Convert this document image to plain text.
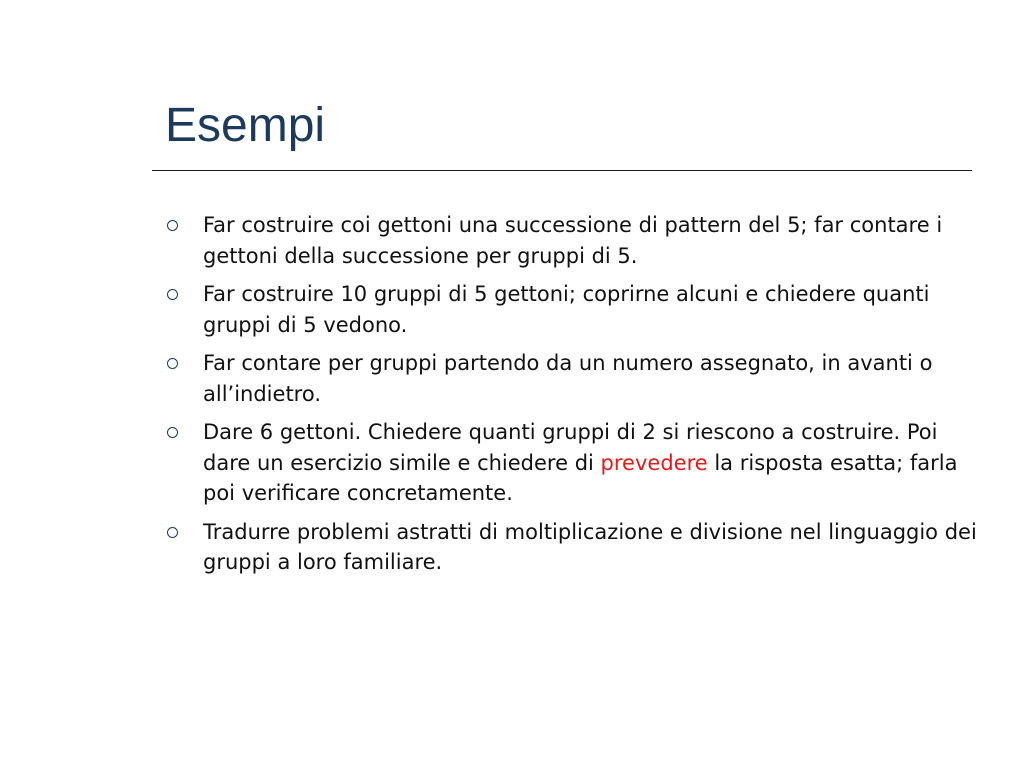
Esempi
Far costruire coi gettoni una successione di pattern del 5; far contare i gettoni della successione per gruppi di 5.
Far costruire 10 gruppi di 5 gettoni; coprirne alcuni e chiedere quanti gruppi di 5 vedono.
Far contare per gruppi partendo da un numero assegnato, in avanti o all’indietro.
Dare 6 gettoni. Chiedere quanti gruppi di 2 si riescono a costruire. Poi dare un esercizio simile e chiedere di prevedere la risposta esatta; farla poi verificare concretamente.
Tradurre problemi astratti di moltiplicazione e divisione nel linguaggio dei gruppi a loro familiare.
